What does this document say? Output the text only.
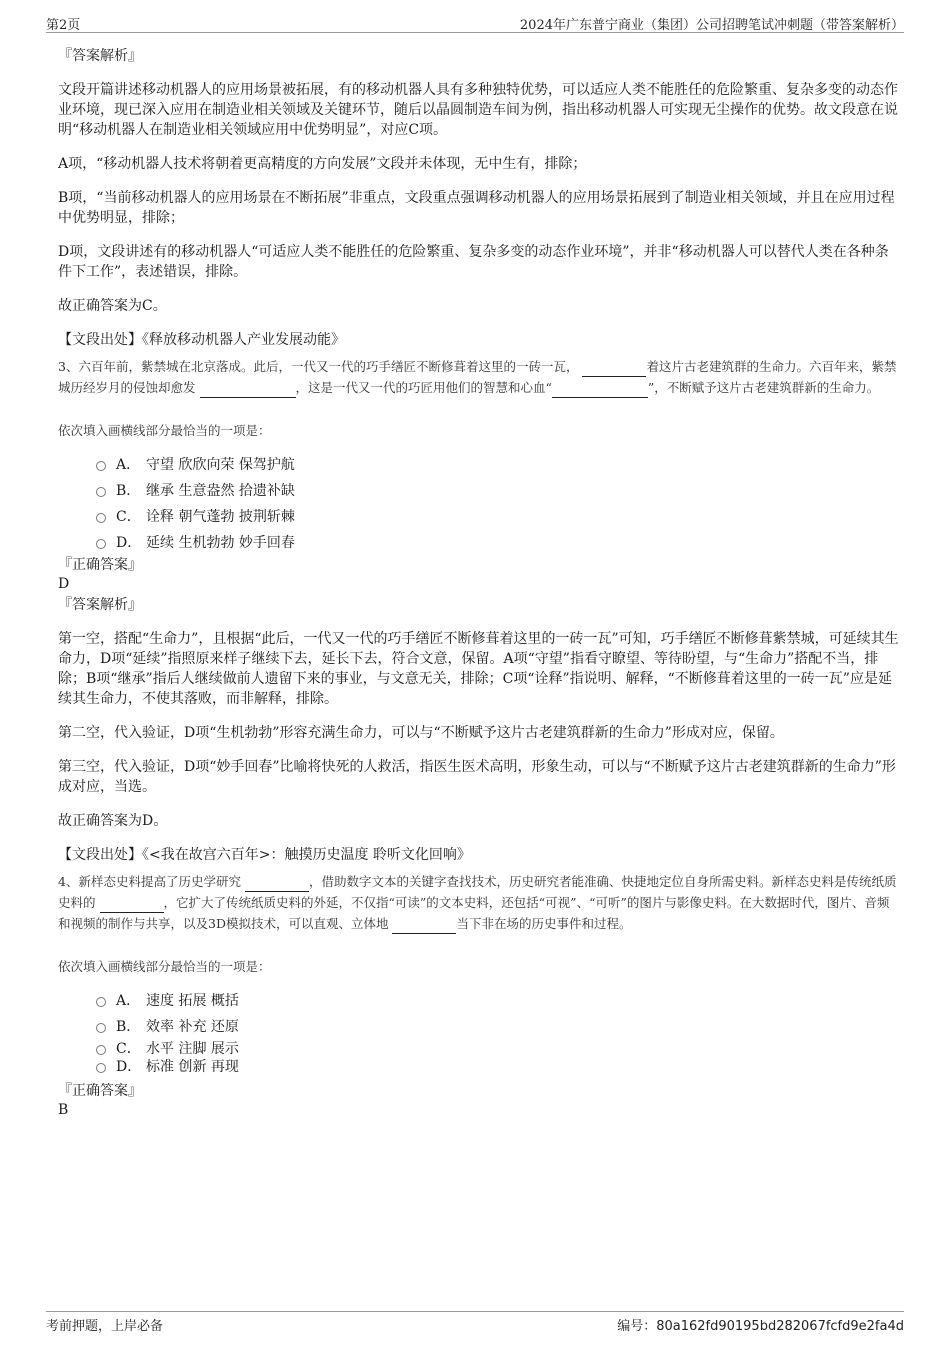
第2页	2024年广东普宁商业（集团）公司招聘笔试冲刺题（带答案解析）
『答案解析』

文段开篇讲述移动机器人的应用场景被拓展，有的移动机器人具有多种独特优势，可以适应人类不能胜任的危险繁重、复杂多变的动态作业环境，现已深入应用在制造业相关领域及关键环节，随后以晶圆制造车间为例，指出移动机器人可实现无尘操作的优势。故文段意在说明“移动机器人在制造业相关领域应用中优势明显”，对应C项。

A项，“移动机器人技术将朝着更高精度的方向发展”文段并未体现，无中生有，排除；

B项，“当前移动机器人的应用场景在不断拓展”非重点，文段重点强调移动机器人的应用场景拓展到了制造业相关领域，并且在应用过程中优势明显，排除；

D项，文段讲述有的移动机器人“可适应人类不能胜任的危险繁重、复杂多变的动态作业环境”，并非“移动机器人可以替代人类在各种条件下工作”，表述错误，排除。

故正确答案为C。

【文段出处】《释放移动机器人产业发展动能》

3、六百年前，紫禁城在北京落成。此后，一代又一代的巧手缮匠不断修葺着这里的一砖一瓦，	着这片古老建筑群的生命力。六百年来，紫禁城历经岁月的侵蚀却愈发	，这是一代又一代的巧匠用他们的智慧和心血“	”，不断赋予这片古老建筑群新的生命力。

依次填入画横线部分最恰当的一项是：

A． 守望 欣欣向荣 保驾护航
B． 继承 生意盎然 拾遗补缺
C． 诠释 朝气蓬勃 披荆斩棘
D． 延续 生机勃勃 妙手回春
『正确答案』
D
『答案解析』

第一空，搭配“生命力”，且根据“此后，一代又一代的巧手缮匠不断修葺着这里的一砖一瓦”可知，巧手缮匠不断修葺紫禁城，可延续其生命力，D项“延续”指照原来样子继续下去，延长下去，符合文意，保留。A项“守望”指看守瞭望、等待盼望，与“生命力”搭配不当，排除；B项“继承”指后人继续做前人遗留下来的事业，与文意无关，排除；C项“诠释”指说明、解释，“不断修葺着这里的一砖一瓦”应是延续其生命力，不使其落败，而非解释，排除。

第二空，代入验证，D项“生机勃勃”形容充满生命力，可以与“不断赋予这片古老建筑群新的生命力”形成对应，保留。

第三空，代入验证，D项“妙手回春”比喻将快死的人救活，指医生医术高明，形象生动，可以与“不断赋予这片古老建筑群新的生命力”形成对应，当选。

故正确答案为D。

【文段出处】《<我在故宫六百年>：触摸历史温度 聆听文化回响》

4、新样态史料提高了历史学研究	，借助数字文本的关键字查找技术，历史研究者能准确、快捷地定位自身所需史料。新样态史料是传统纸质史料的	，它扩大了传统纸质史料的外延，不仅指“可读”的文本史料，还包括“可视”、“可听”的图片与影像史料。在大数据时代，图片、音频和视频的制作与共享，以及3D模拟技术，可以直观、立体地	当下非在场的历史事件和过程。

依次填入画横线部分最恰当的一项是：

A． 速度 拓展 概括
B． 效率 补充 还原
C． 水平 注脚 展示
D． 标准 创新 再现
『正确答案』
B
考前押题，上岸必备	编号：80a162fd90195bd282067fcfd9e2fa4d
